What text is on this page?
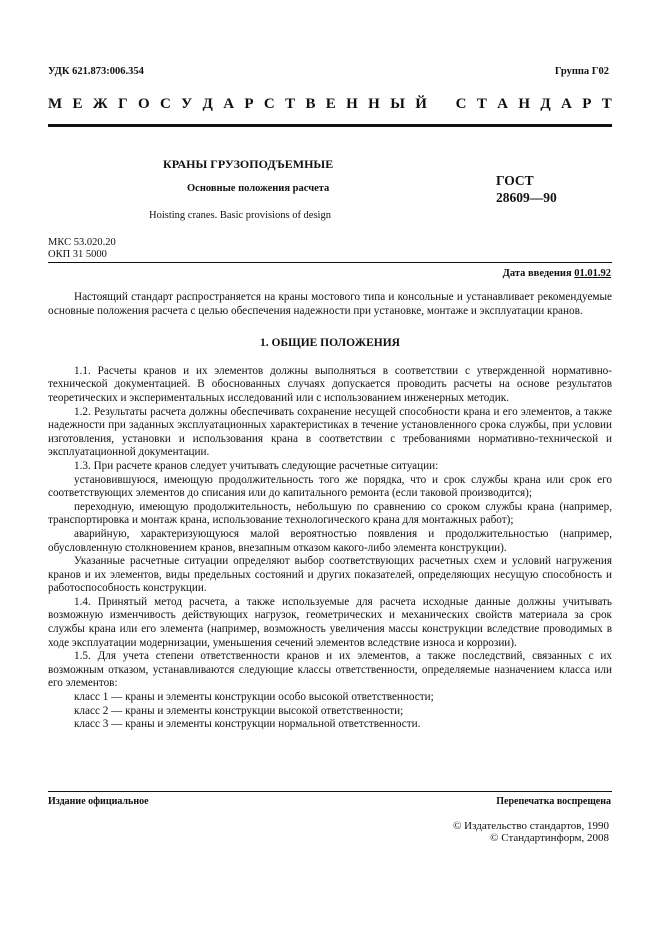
УДК 621.873:006.354	Группа Г02
М Е Ж Г О С У Д А Р С Т В Е Н Н Ы Й С Т А Н Д А Р Т
КРАНЫ ГРУЗОПОДЪЕМНЫЕ
Основные положения расчета
Hoisting cranes. Basic provisions of design
ГОСТ
28609—90
МКС 53.020.20
ОКП 31 5000
Дата введения 01.01.92

Настоящий стандарт распространяется на краны мостового типа и консольные и устанавливает рекомендуемые основные положения расчета с целью обеспечения надежности при установке, монтаже и эксплуатации кранов.

1. ОБЩИЕ ПОЛОЖЕНИЯ

1.1. Расчеты кранов и их элементов должны выполняться в соответствии с утвержденной нормативно-технической документацией. В обоснованных случаях допускается проводить расчеты на основе результатов теоретических и экспериментальных исследований или с использованием инженерных методик.

1.2. Результаты расчета должны обеспечивать сохранение несущей способности крана и его элементов, а также надежности при заданных эксплуатационных характеристиках в течение установленного срока службы, при условии изготовления, установки и использования крана в соответствии с требованиями нормативно-технической и эксплуатационной документации.

1.3. При расчете кранов следует учитывать следующие расчетные ситуации:

установившуюся, имеющую продолжительность того же порядка, что и срок службы крана или срок его соответствующих элементов до списания или до капитального ремонта (если таковой производится);

переходную, имеющую продолжительность, небольшую по сравнению со сроком службы крана (например, транспортировка и монтаж крана, использование технологического крана для монтажных работ);

аварийную, характеризующуюся малой вероятностью появления и продолжительностью (например, обусловленную столкновением кранов, внезапным отказом какого-либо элемента конструкции).

Указанные расчетные ситуации определяют выбор соответствующих расчетных схем и условий нагружения кранов и их элементов, виды предельных состояний и других показателей, определяющих несущую способность и работоспособность конструкции.

1.4. Принятый метод расчета, а также используемые для расчета исходные данные должны учитывать возможную изменчивость действующих нагрузок, геометрических и механических свойств материала за срок службы крана или его элемента (например, возможность увеличения массы конструкции вследствие проводимых в ходе эксплуатации модернизации, уменьшения сечений элементов вследствие износа и коррозии).

1.5. Для учета степени ответственности кранов и их элементов, а также последствий, связанных с их возможным отказом, устанавливаются следующие классы ответственности, определяемые назначением класса или его элементов:

класс 1 — краны и элементы конструкции особо высокой ответственности;

класс 2 — краны и элементы конструкции высокой ответственности;

класс 3 — краны и элементы конструкции нормальной ответственности.

Издание официальное	Перепечатка воспрещена
© Издательство стандартов, 1990
© Стандартинформ, 2008
